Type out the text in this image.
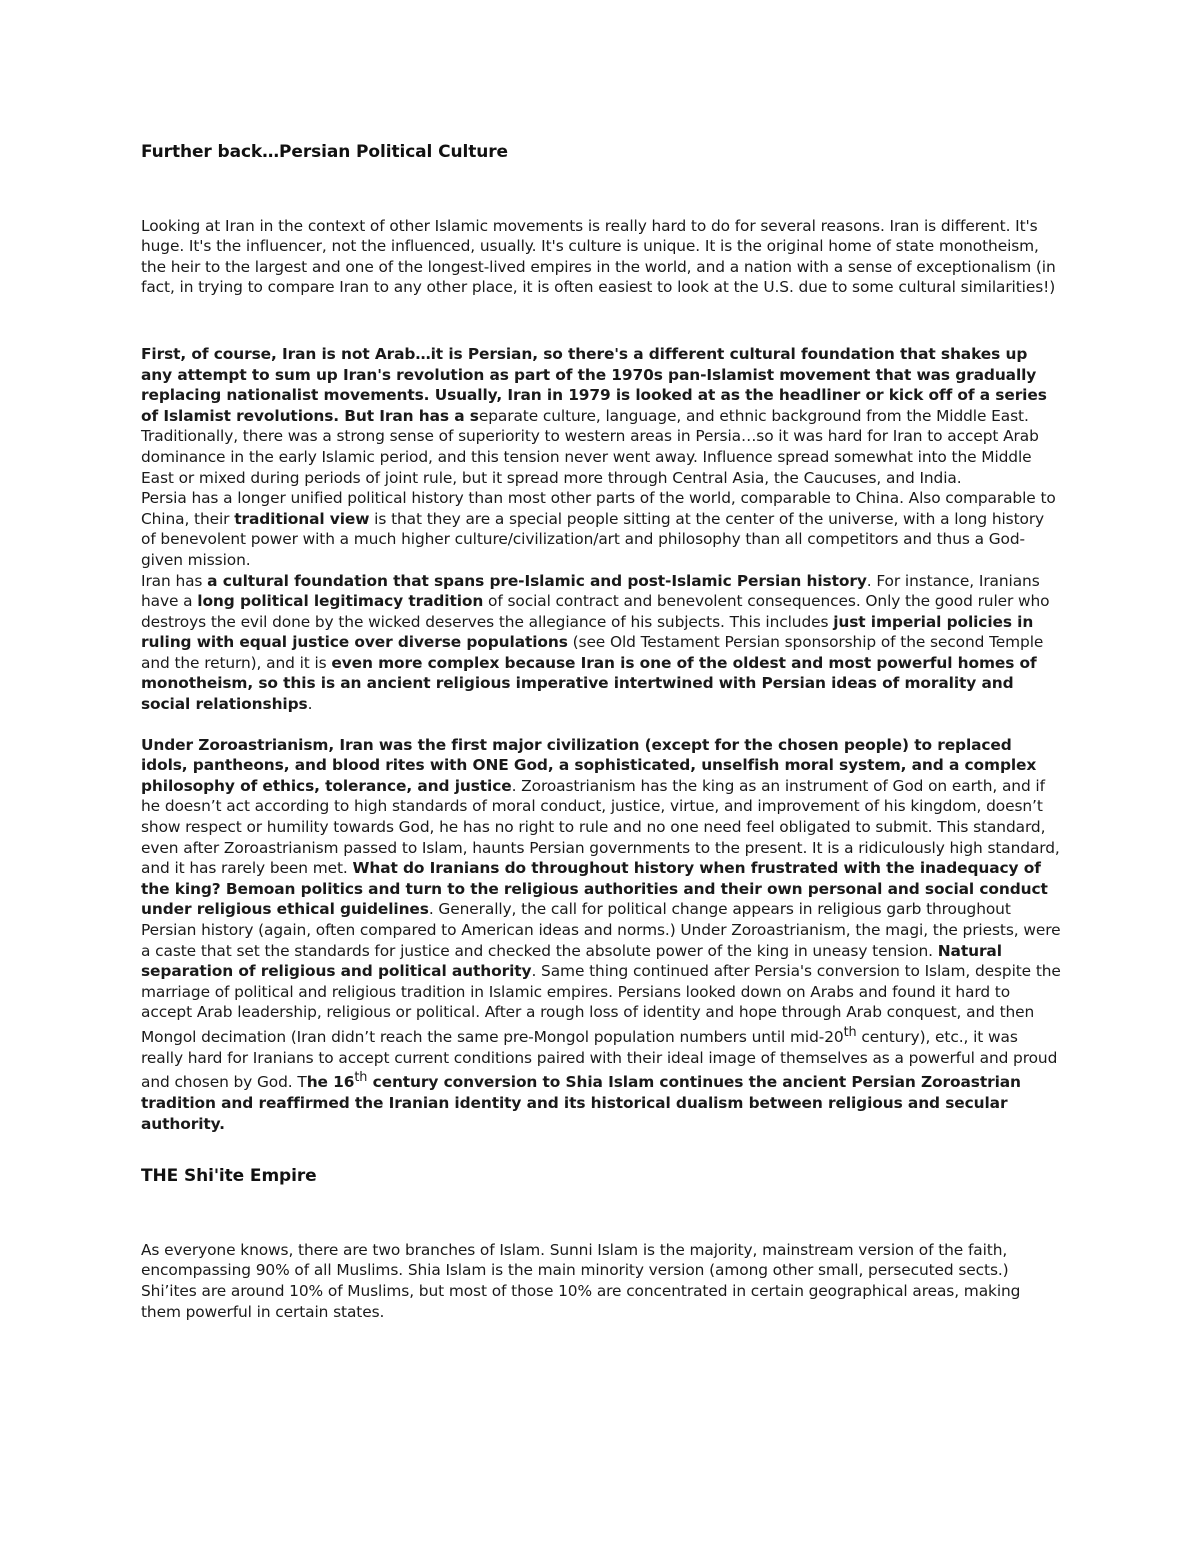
Further back…Persian Political Culture

Looking at Iran in the context of other Islamic movements is really hard to do for several reasons. Iran is different. It's huge. It's the influencer, not the influenced, usually. It's culture is unique. It is the original home of state monotheism, the heir to the largest and one of the longest-lived empires in the world, and a nation with a sense of exceptionalism (in fact, in trying to compare Iran to any other place, it is often easiest to look at the U.S. due to some cultural similarities!)

First, of course, Iran is not Arab…it is Persian, so there's a different cultural foundation that shakes up any attempt to sum up Iran's revolution as part of the 1970s pan-Islamist movement that was gradually replacing nationalist movements. Usually, Iran in 1979 is looked at as the headliner or kick off of a series of Islamist revolutions. But Iran has a separate culture, language, and ethnic background from the Middle East. Traditionally, there was a strong sense of superiority to western areas in Persia…so it was hard for Iran to accept Arab dominance in the early Islamic period, and this tension never went away. Influence spread somewhat into the Middle East or mixed during periods of joint rule, but it spread more through Central Asia, the Caucuses, and India.

Persia has a longer unified political history than most other parts of the world, comparable to China. Also comparable to China, their traditional view is that they are a special people sitting at the center of the universe, with a long history of benevolent power with a much higher culture/civilization/art and philosophy than all competitors and thus a God-given mission.

Iran has a cultural foundation that spans pre-Islamic and post-Islamic Persian history. For instance, Iranians have a long political legitimacy tradition of social contract and benevolent consequences. Only the good ruler who destroys the evil done by the wicked deserves the allegiance of his subjects. This includes just imperial policies in ruling with equal justice over diverse populations (see Old Testament Persian sponsorship of the second Temple and the return), and it is even more complex because Iran is one of the oldest and most powerful homes of monotheism, so this is an ancient religious imperative intertwined with Persian ideas of morality and social relationships.

Under Zoroastrianism, Iran was the first major civilization (except for the chosen people) to replaced idols, pantheons, and blood rites with ONE God, a sophisticated, unselfish moral system, and a complex philosophy of ethics, tolerance, and justice. Zoroastrianism has the king as an instrument of God on earth, and if he doesn’t act according to high standards of moral conduct, justice, virtue, and improvement of his kingdom, doesn’t show respect or humility towards God, he has no right to rule and no one need feel obligated to submit. This standard, even after Zoroastrianism passed to Islam, haunts Persian governments to the present. It is a ridiculously high standard, and it has rarely been met. What do Iranians do throughout history when frustrated with the inadequacy of the king? Bemoan politics and turn to the religious authorities and their own personal and social conduct under religious ethical guidelines. Generally, the call for political change appears in religious garb throughout Persian history (again, often compared to American ideas and norms.) Under Zoroastrianism, the magi, the priests, were a caste that set the standards for justice and checked the absolute power of the king in uneasy tension. Natural separation of religious and political authority. Same thing continued after Persia's conversion to Islam, despite the marriage of political and religious tradition in Islamic empires. Persians looked down on Arabs and found it hard to accept Arab leadership, religious or political. After a rough loss of identity and hope through Arab conquest, and then Mongol decimation (Iran didn’t reach the same pre-Mongol population numbers until mid-20th century), etc., it was really hard for Iranians to accept current conditions paired with their ideal image of themselves as a powerful and proud and chosen by God. The 16th century conversion to Shia Islam continues the ancient Persian Zoroastrian tradition and reaffirmed the Iranian identity and its historical dualism between religious and secular authority.

THE Shi'ite Empire

As everyone knows, there are two branches of Islam. Sunni Islam is the majority, mainstream version of the faith, encompassing 90% of all Muslims. Shia Islam is the main minority version (among other small, persecuted sects.) Shi’ites are around 10% of Muslims, but most of those 10% are concentrated in certain geographical areas, making them powerful in certain states.
